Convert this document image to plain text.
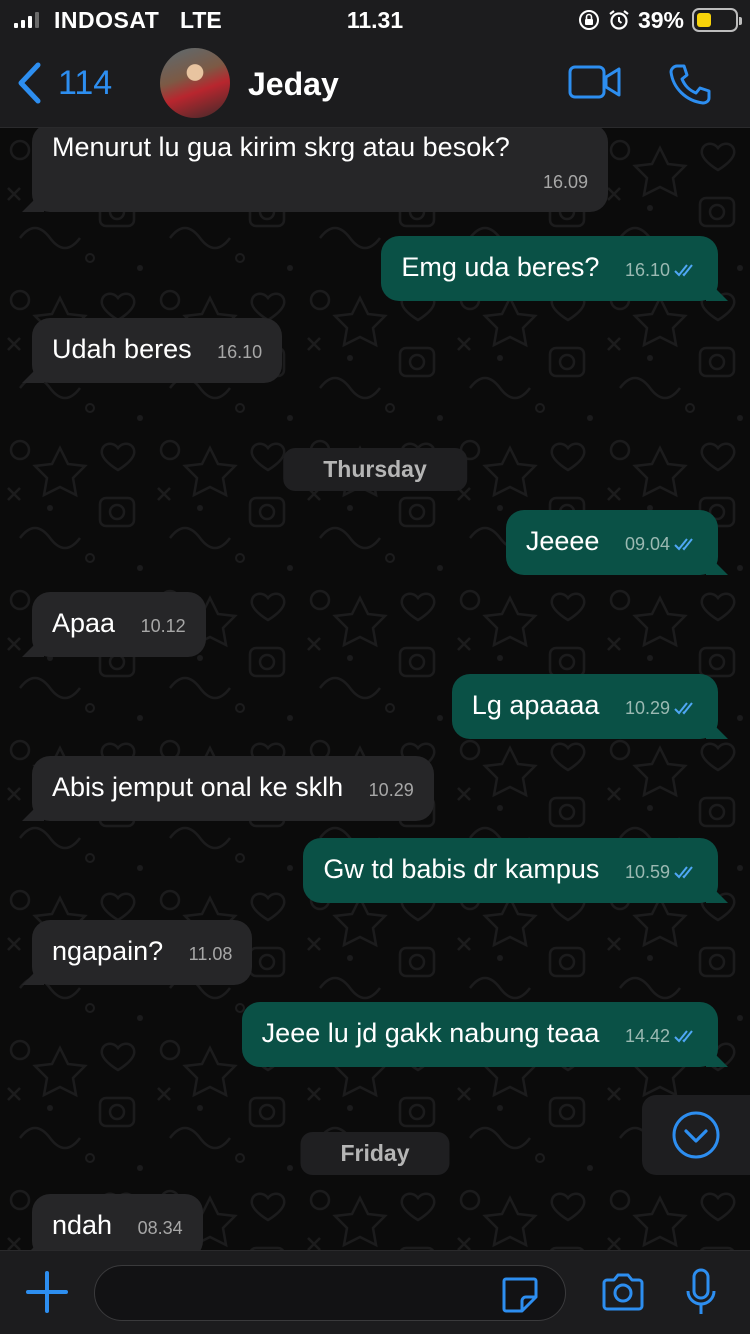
INDOSAT LTE	11.31	39%
114	Jeday
Menurut lu gua kirim skrg atau besok?
16.09
Emg uda beres? 16.10
Udah beres 16.10
Thursday
Jeeee 09.04
Apaa 10.12
Lg apaaaa 10.29
Abis jemput onal ke sklh 10.29
Gw td babis dr kampus 10.59
ngapain? 11.08
Jeee lu jd gakk nabung teaa 14.42
Friday
ndah 08.34
